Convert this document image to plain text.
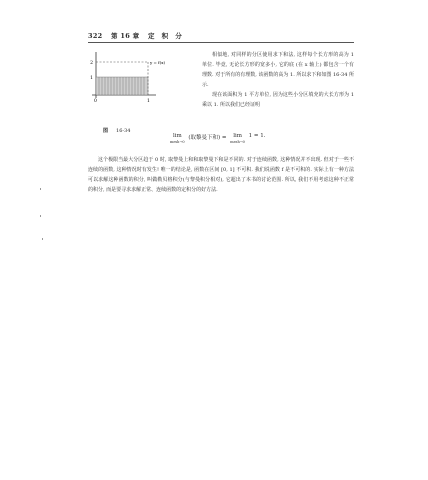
322 第 16 章 定　积　分
2
1
0	1
y = f(x)
图 16-34

相似地, 对同样的分区使用求下和法, 这样每个长方形的高为 1 单位. 毕竟, 无论长方形的宽多小, 它的底 (在 x 轴上) 都包含一个有理数. 对于所有的有理数, 该函数的高为 1. 所以求下和如图 16-34 所示.

现在该面积为 1 平方单位, 因为这些小分区填充的大长方形为 1 乘以 1. 所以我们已经证明

lim
mesh→0
(取黎曼下和) = lim
mesh→0
1 = 1.

这个极限当最大分区趋于 0 时, 取黎曼上和和取黎曼下和是不同的. 对于连续函数, 这种情况并不出现. 但对于一些不连续的函数, 这种情况时有发生! 唯一的结论是, 函数在区间 [0, 1] 不可积. 我们说函数 f 是不可积的. 实际上有一种方法可以求解这种函数的积分, 叫做勒贝格积分(与黎曼积分相对), 它超出了本书的讨论范围. 所以, 我们不用考虑这种不正常的积分, 而是要寻求求解正常、连续函数的定积分的好方法.
